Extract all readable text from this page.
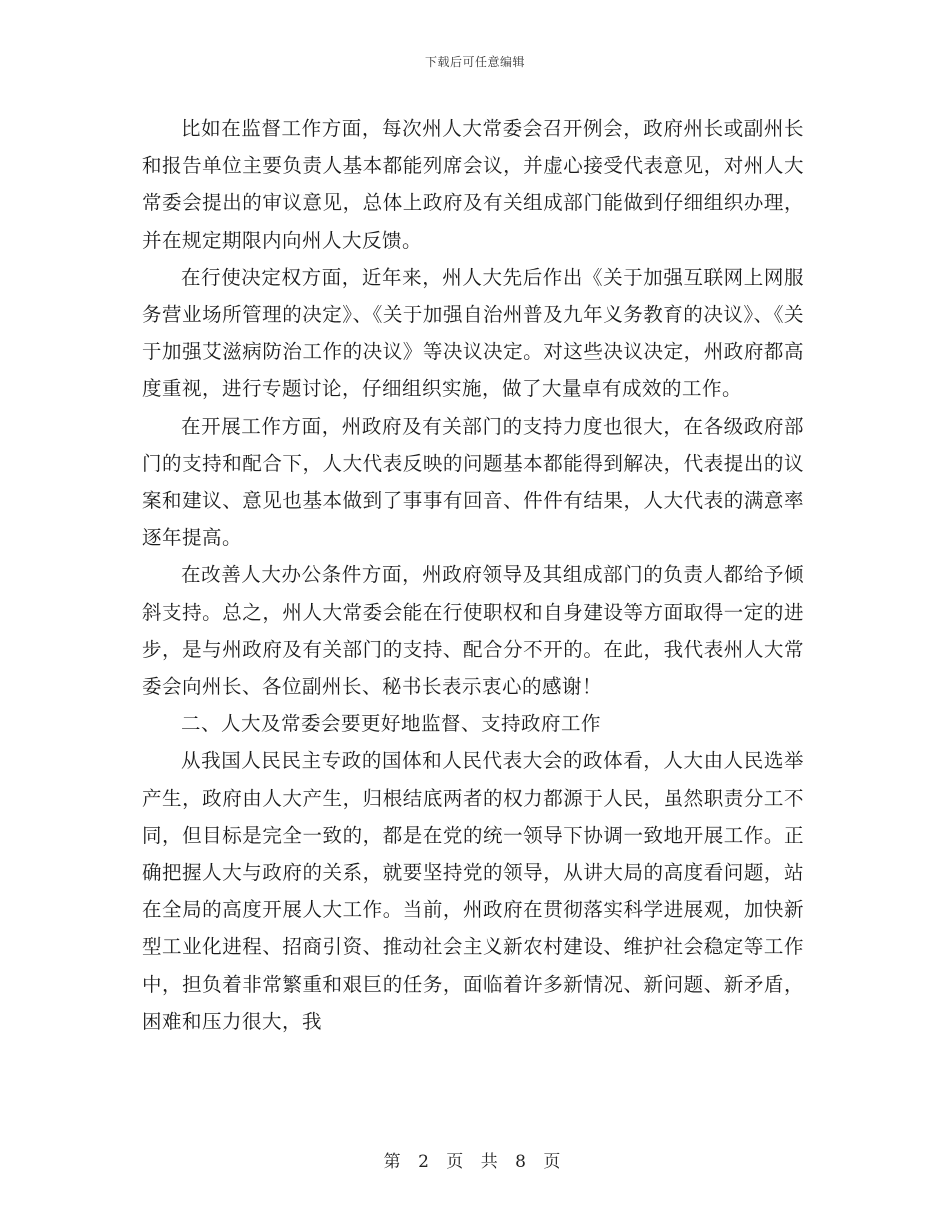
下载后可任意编辑

比如在监督工作方面，每次州人大常委会召开例会，政府州长或副州长和报告单位主要负责人基本都能列席会议，并虚心接受代表意见，对州人大常委会提出的审议意见，总体上政府及有关组成部门能做到仔细组织办理，并在规定期限内向州人大反馈。

在行使决定权方面，近年来，州人大先后作出《关于加强互联网上网服务营业场所管理的决定》、《关于加强自治州普及九年义务教育的决议》、《关于加强艾滋病防治工作的决议》等决议决定。对这些决议决定，州政府都高度重视，进行专题讨论，仔细组织实施，做了大量卓有成效的工作。

在开展工作方面，州政府及有关部门的支持力度也很大，在各级政府部门的支持和配合下，人大代表反映的问题基本都能得到解决，代表提出的议案和建议、意见也基本做到了事事有回音、件件有结果，人大代表的满意率逐年提高。

在改善人大办公条件方面，州政府领导及其组成部门的负责人都给予倾斜支持。总之，州人大常委会能在行使职权和自身建设等方面取得一定的进步，是与州政府及有关部门的支持、配合分不开的。在此，我代表州人大常委会向州长、各位副州长、秘书长表示衷心的感谢！

二、人大及常委会要更好地监督、支持政府工作

从我国人民民主专政的国体和人民代表大会的政体看，人大由人民选举产生，政府由人大产生，归根结底两者的权力都源于人民，虽然职责分工不同，但目标是完全一致的，都是在党的统一领导下协调一致地开展工作。正确把握人大与政府的关系，就要坚持党的领导，从讲大局的高度看问题，站在全局的高度开展人大工作。当前，州政府在贯彻落实科学进展观，加快新型工业化进程、招商引资、推动社会主义新农村建设、维护社会稳定等工作中，担负着非常繁重和艰巨的任务，面临着许多新情况、新问题、新矛盾，困难和压力很大，我

第 2 页 共 8 页
